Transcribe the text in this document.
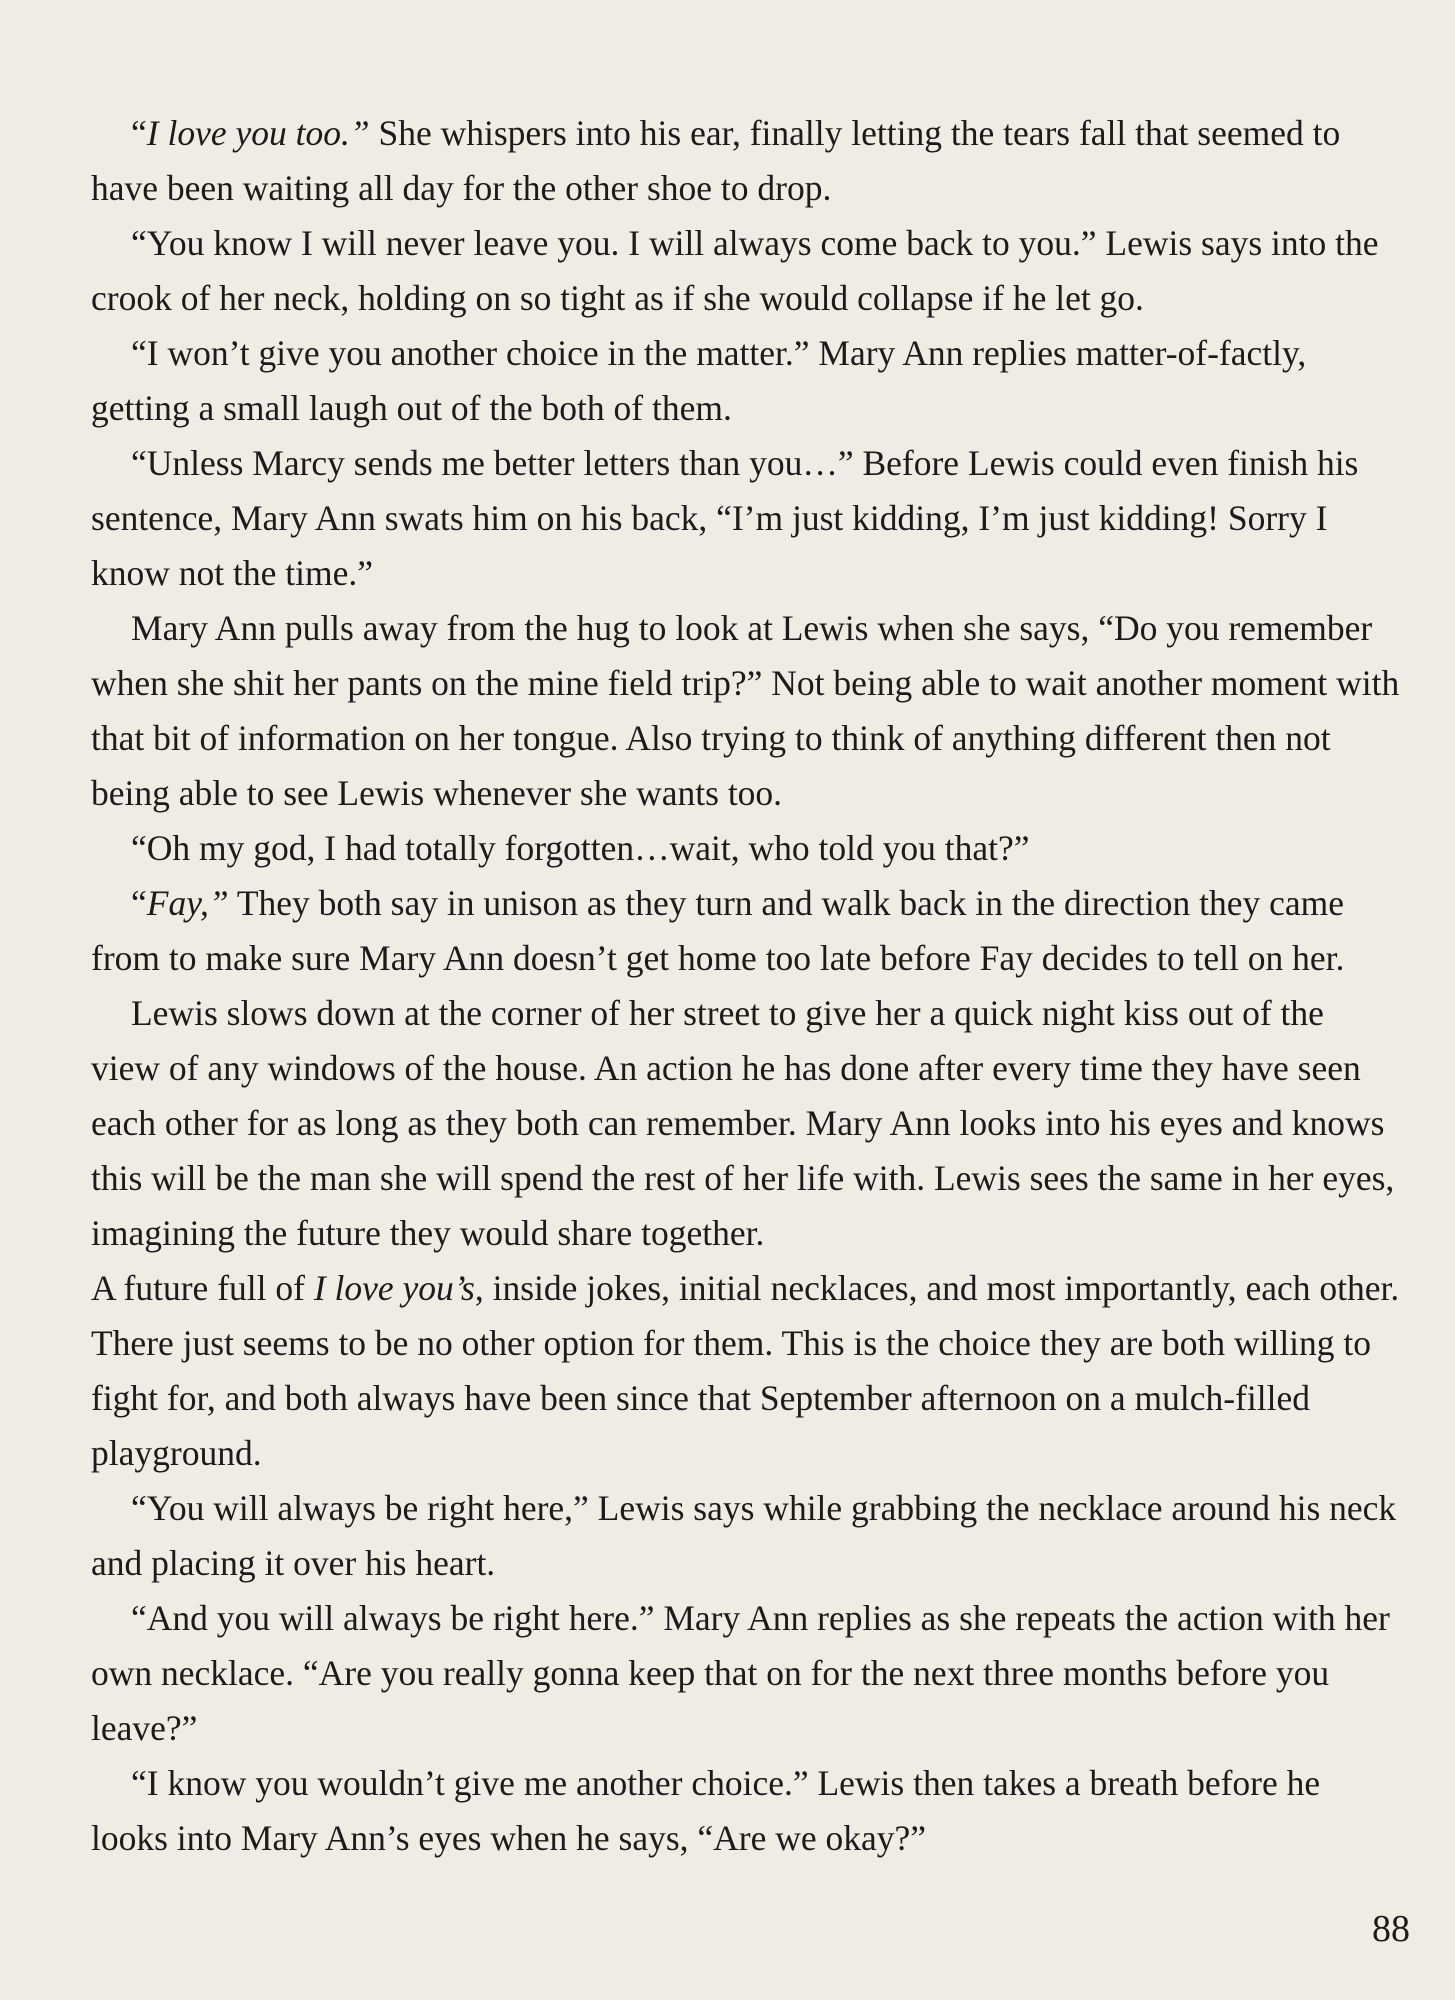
“I love you too.” She whispers into his ear, finally letting the tears fall that seemed to have been waiting all day for the other shoe to drop.

“You know I will never leave you. I will always come back to you.” Lewis says into the crook of her neck, holding on so tight as if she would collapse if he let go.

“I won’t give you another choice in the matter.” Mary Ann replies matter-of-factly, getting a small laugh out of the both of them.

“Unless Marcy sends me better letters than you…” Before Lewis could even finish his sentence, Mary Ann swats him on his back, “I’m just kidding, I’m just kidding! Sorry I know not the time.”

Mary Ann pulls away from the hug to look at Lewis when she says, “Do you remember when she shit her pants on the mine field trip?” Not being able to wait another moment with that bit of information on her tongue. Also trying to think of anything different then not being able to see Lewis whenever she wants too.

“Oh my god, I had totally forgotten…wait, who told you that?”

“Fay,” They both say in unison as they turn and walk back in the direction they came from to make sure Mary Ann doesn’t get home too late before Fay decides to tell on her.

Lewis slows down at the corner of her street to give her a quick night kiss out of the view of any windows of the house. An action he has done after every time they have seen each other for as long as they both can remember. Mary Ann looks into his eyes and knows this will be the man she will spend the rest of her life with. Lewis sees the same in her eyes, imagining the future they would share together.

A future full of I love you’s, inside jokes, initial necklaces, and most importantly, each other. There just seems to be no other option for them. This is the choice they are both willing to fight for, and both always have been since that September afternoon on a mulch-filled playground.

“You will always be right here,” Lewis says while grabbing the necklace around his neck and placing it over his heart.

“And you will always be right here.” Mary Ann replies as she repeats the action with her own necklace. “Are you really gonna keep that on for the next three months before you leave?”

“I know you wouldn’t give me another choice.” Lewis then takes a breath before he looks into Mary Ann’s eyes when he says, “Are we okay?”

88
